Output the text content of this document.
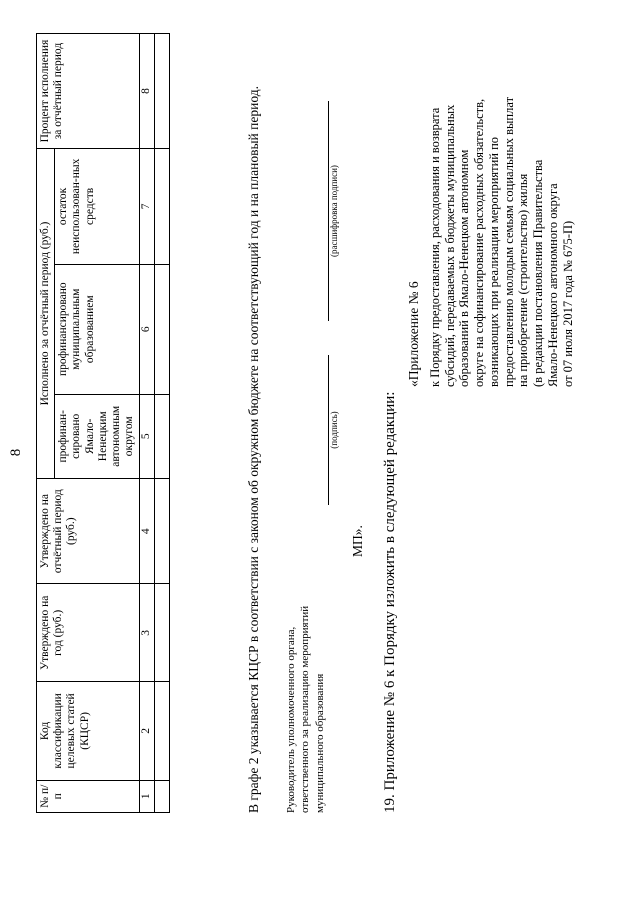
8
№ п/п	Код классификации целевых статей (КЦСР)	Утверждено на год (руб.)	Утверждено на отчётный период (руб.)	Исполнено за отчётный период (руб.)			Процент исполнения за отчётный период
				профинан-сировано Ямало-Ненецким автономным округом	профинансировано муниципальным образованием	остаток неиспользован-ных средств	
1	2	3	4	5	6	7	8
								В графе 2 указывается КЦСР в соответствии с законом об окружном бюджете на соответствующий год и на плановый период. Руководитель уполномоченного органа, ответственного за реализацию мероприятий муниципального образования
(подпись)
(расшифровка подписи)
МП». 19. Приложение № 6 к Порядку изложить в следующей редакции:
«Приложение № 6 к Порядку предоставления, расходования и возврата субсидий, передаваемых в бюджеты муниципальных образований в Ямало-Ненецком автономном округе на софинансирование расходных обязательств, возникающих при реализации мероприятий по предоставлению молодым семьям социальных выплат на приобретение (строительство) жилья (в редакции постановления Правительства Ямало-Ненецкого автономного округа от 07 июля 2017 года № 675-П)
